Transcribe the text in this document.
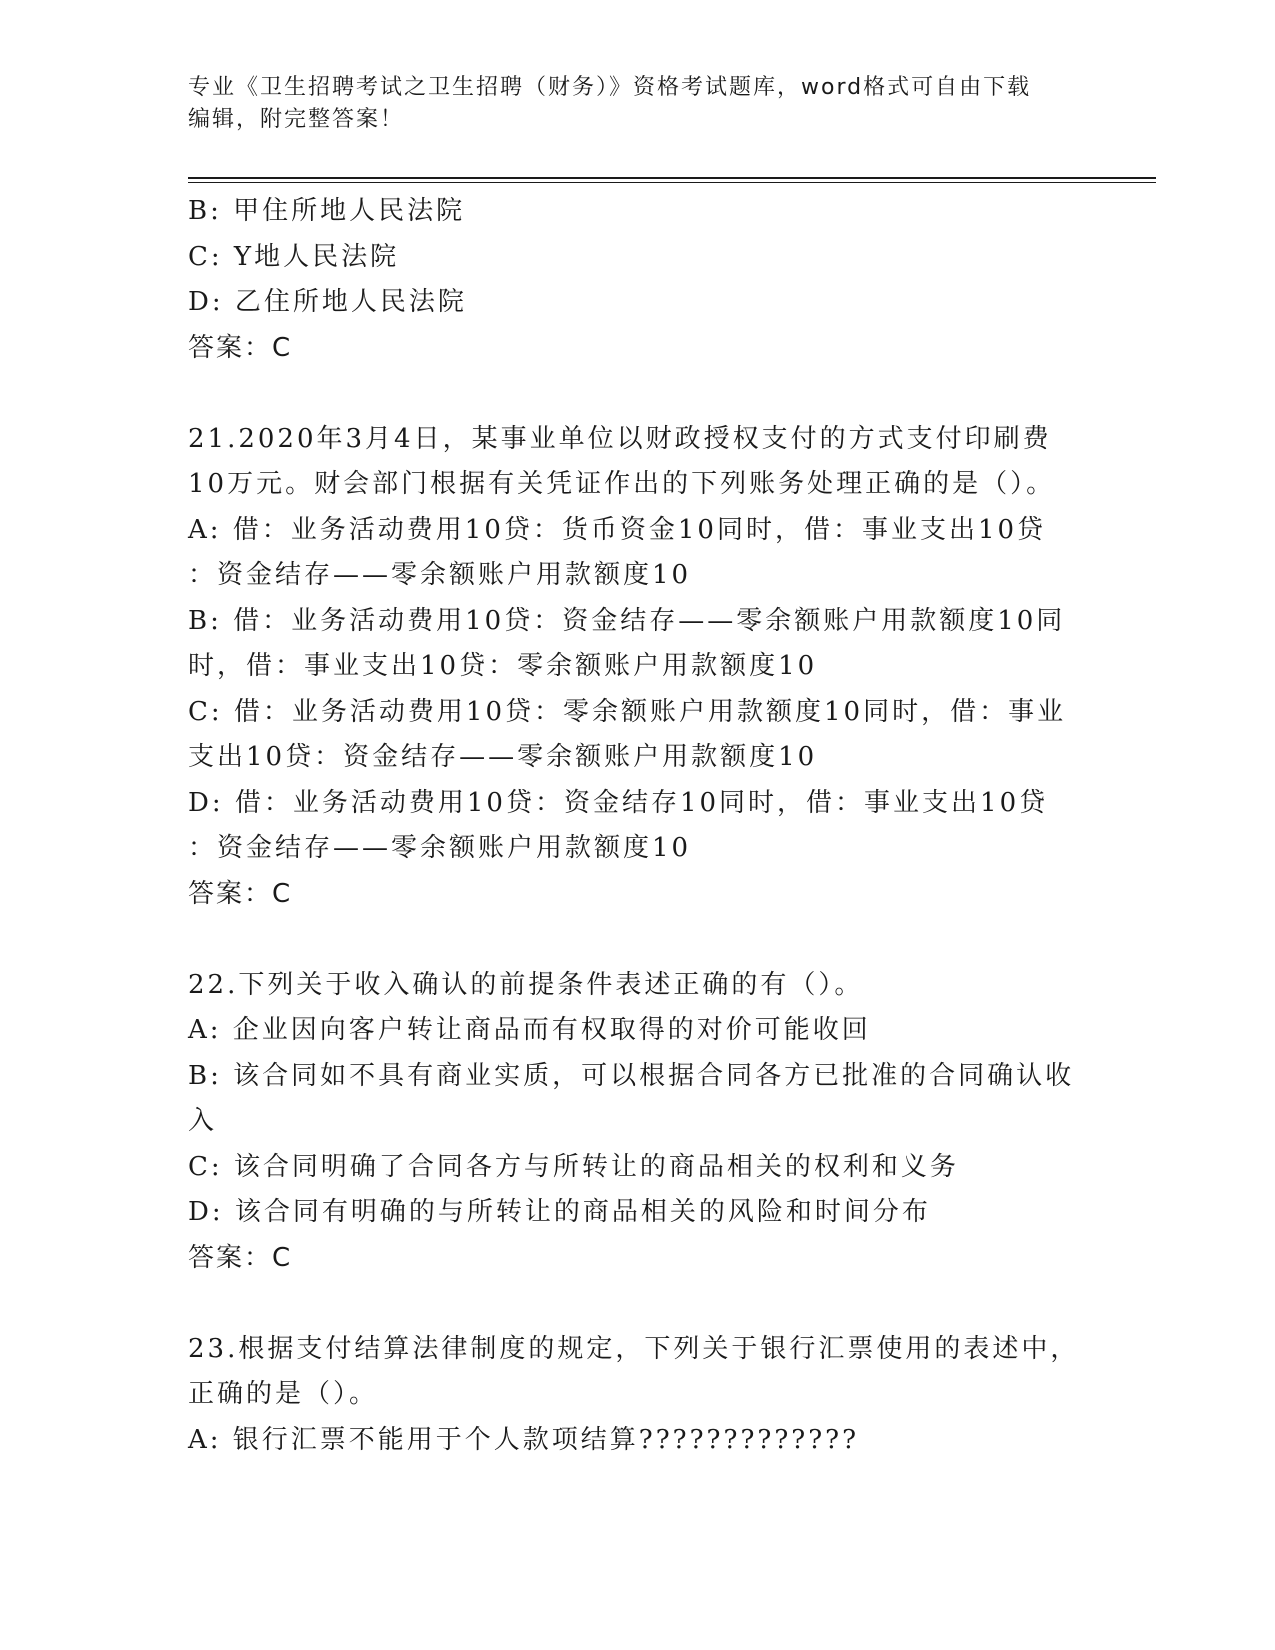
专业《卫生招聘考试之卫生招聘（财务）》资格考试题库，word格式可自由下载
编辑，附完整答案！
B: 甲住所地人民法院
C: Y地人民法院
D: 乙住所地人民法院
答案：C
21.2020年3月4日，某事业单位以财政授权支付的方式支付印刷费
10万元。财会部门根据有关凭证作出的下列账务处理正确的是（）。
A: 借：业务活动费用10贷：货币资金10同时，借：事业支出10贷
：资金结存——零余额账户用款额度10
B: 借：业务活动费用10贷：资金结存——零余额账户用款额度10同
时，借：事业支出10贷：零余额账户用款额度10
C: 借：业务活动费用10贷：零余额账户用款额度10同时，借：事业
支出10贷：资金结存——零余额账户用款额度10
D: 借：业务活动费用10贷：资金结存10同时，借：事业支出10贷
：资金结存——零余额账户用款额度10
答案：C
22.下列关于收入确认的前提条件表述正确的有（）。
A: 企业因向客户转让商品而有权取得的对价可能收回
B: 该合同如不具有商业实质，可以根据合同各方已批准的合同确认收
入
C: 该合同明确了合同各方与所转让的商品相关的权利和义务
D: 该合同有明确的与所转让的商品相关的风险和时间分布
答案：C
23.根据支付结算法律制度的规定，下列关于银行汇票使用的表述中，
正确的是（）。
A: 银行汇票不能用于个人款项结算?????????????
